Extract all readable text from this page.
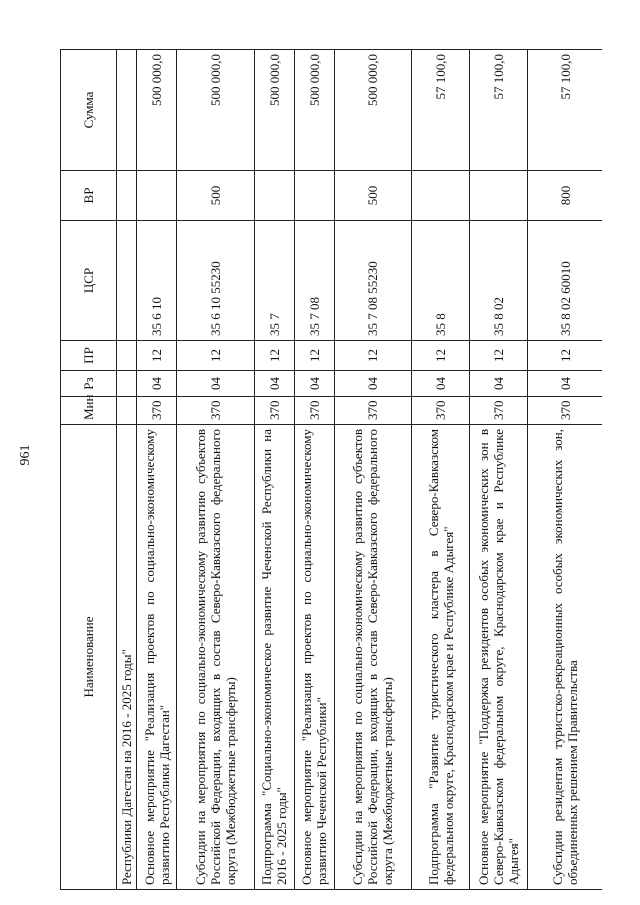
961
Наименование	Мин	Рз	ПР	ЦСР	ВР	Сумма
Республики Дагестан на 2016 - 2025 годы"						
Основное мероприятие "Реализация проектов по социально-экономическому развитию Республики Дагестан"	370	04	12	35 6 10		500 000,0
Субсидии на мероприятия по социально-экономическому развитию субъектов Российской Федерации, входящих в состав Северо-Кавказского федерального округа (Межбюджетные трансферты)	370	04	12	35 6 10 55230	500	500 000,0
Подпрограмма "Социально-экономическое развитие Чеченской Республики на 2016 - 2025 годы"	370	04	12	35 7		500 000,0
Основное мероприятие "Реализация проектов по социально-экономическому развитию Чеченской Республики"	370	04	12	35 7 08		500 000,0
Субсидии на мероприятия по социально-экономическому развитию субъектов Российской Федерации, входящих в состав Северо-Кавказского федерального округа (Межбюджетные трансферты)	370	04	12	35 7 08 55230	500	500 000,0
Подпрограмма "Развитие туристического кластера в Северо-Кавказском федеральном округе, Краснодарском крае и Республике Адыгея"	370	04	12	35 8		57 100,0
Основное мероприятие "Поддержка резидентов особых экономических зон в Северо-Кавказском федеральном округе, Краснодарском крае и Республике Адыгея"	370	04	12	35 8 02		57 100,0
Субсидии резидентам туристско-рекреационных особых экономических зон, объединенных решением Правительства	370	04	12	35 8 02 60010	800	57 100,0
